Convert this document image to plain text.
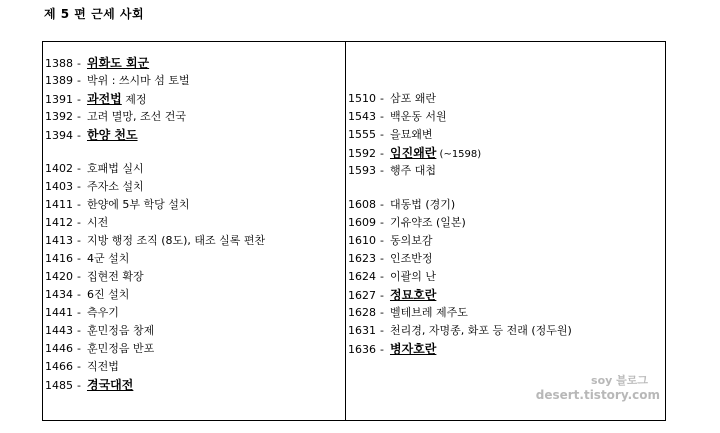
제 5 편 근세 사회
1388 - 위화도 회군
1389 - 박위 : 쓰시마 섬 토벌
1391 - 과전법 제정
1392 - 고려 멸망, 조선 건국
1394 - 한양 천도
1402 - 호패법 실시
1403 - 주자소 설치
1411 - 한양에 5부 학당 설치
1412 - 시전
1413 - 지방 행정 조직 (8도), 태조 실록 편찬
1416 - 4군 설치
1420 - 집현전 확장
1434 - 6진 설치
1441 - 측우기
1443 - 훈민정음 창제
1446 - 훈민정음 반포
1466 - 직전법
1485 - 경국대전
1510 - 삼포 왜란
1543 - 백운동 서원
1555 - 을묘왜변
1592 - 임진왜란 (~1598)
1593 - 행주 대첩
1608 - 대동법 (경기)
1609 - 기유약조 (일본)
1610 - 동의보감
1623 - 인조반정
1624 - 이괄의 난
1627 - 정묘호란
1628 - 벨테브레 제주도
1631 - 천리경, 자명종, 화포 등 전래 (정두원)
1636 - 병자호란
soy 블로그
desert.tistory.com
